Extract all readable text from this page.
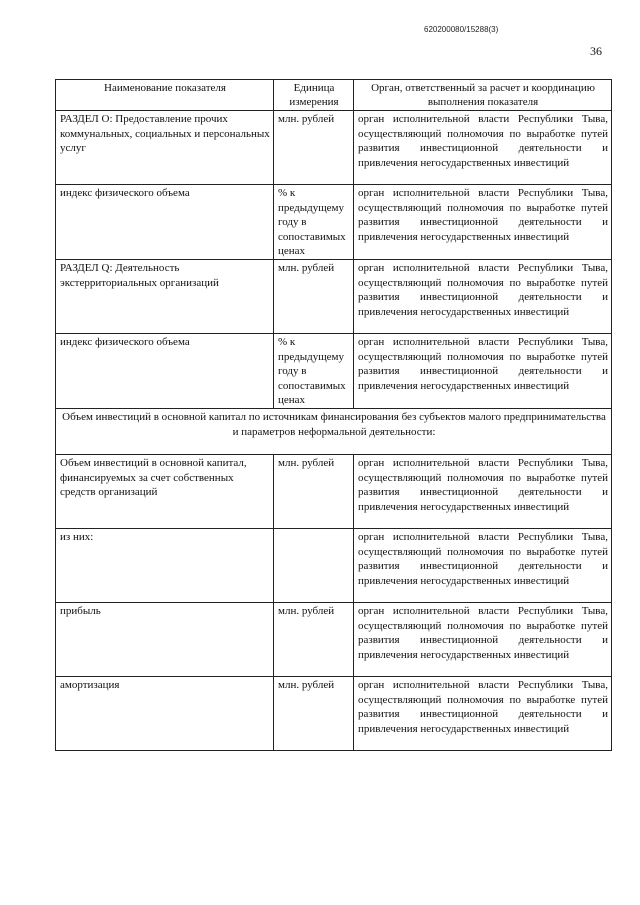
620200080/15288(3)
36
Наименование показателя	Единица измерения	Орган, ответственный за расчет и координацию выполнения показателя
РАЗДЕЛ О: Предоставление прочих коммунальных, социальных и персональных услуг	млн. рублей	орган исполнительной власти Республики Тыва, осуществляющий полномочия по выработке путей развития инвестиционной деятельности и привлечения негосударственных инвестиций
индекс физического объема	% к предыдущему году в сопоставимых ценах	орган исполнительной власти Республики Тыва, осуществляющий полномочия по выработке путей развития инвестиционной деятельности и привлечения негосударственных инвестиций
РАЗДЕЛ Q: Деятельность экстерриториальных организаций	млн. рублей	орган исполнительной власти Республики Тыва, осуществляющий полномочия по выработке путей развития инвестиционной деятельности и привлечения негосударственных инвестиций
индекс физического объема	% к предыдущему году в сопоставимых ценах	орган исполнительной власти Республики Тыва, осуществляющий полномочия по выработке путей развития инвестиционной деятельности и привлечения негосударственных инвестиций
Объем инвестиций в основной капитал по источникам финансирования без субъектов малого предпринимательства и параметров неформальной деятельности:		
Объем инвестиций в основной капитал, финансируемых за счет собственных средств организаций	млн. рублей	орган исполнительной власти Республики Тыва, осуществляющий полномочия по выработке путей развития инвестиционной деятельности и привлечения негосударственных инвестиций
из них:		орган исполнительной власти Республики Тыва, осуществляющий полномочия по выработке путей развития инвестиционной деятельности и привлечения негосударственных инвестиций
прибыль	млн. рублей	орган исполнительной власти Республики Тыва, осуществляющий полномочия по выработке путей развития инвестиционной деятельности и привлечения негосударственных инвестиций
амортизация	млн. рублей	орган исполнительной власти Республики Тыва, осуществляющий полномочия по выработке путей развития инвестиционной деятельности и привлечения негосударственных инвестиций
